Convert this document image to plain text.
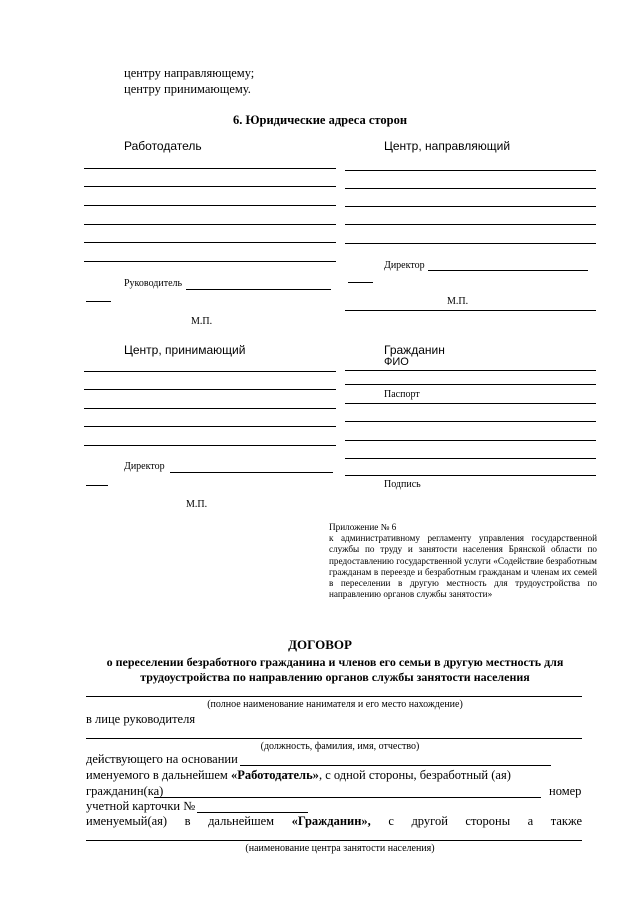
центру направляющему;
центру принимающему.
6. Юридические адреса сторон
Работодатель
Руководитель
М.П.
Центр, направляющий
Директор
М.П.
Центр, принимающий
Директор
М.П.
Гражданин
ФИО
Паспорт
Подпись
Приложение № 6
к административному регламенту управления государственной службы по труду и занятости населения Брянской области по предоставлению государственной услуги «Содействие безработным гражданам в переезде и безработным гражданам и членам их семей в переселении в другую местность для трудоустройства по направлению органов службы занятости»
ДОГОВОР
о переселении безработного гражданина и членов его семьи в другую местность для
трудоустройства по направлению органов службы занятости населения
(полное наименование нанимателя и его место нахождение)
в лице руководителя
(должность, фамилия, имя, отчество)
действующего на основании
именуемого в дальнейшем «Работодатель», с одной стороны, безработный (ая)
гражданин(ка)	номер
учетной карточки №
именуемый(ая) в дальнейшем «Гражданин», с другой стороны а также
(наименование центра занятости населения)
